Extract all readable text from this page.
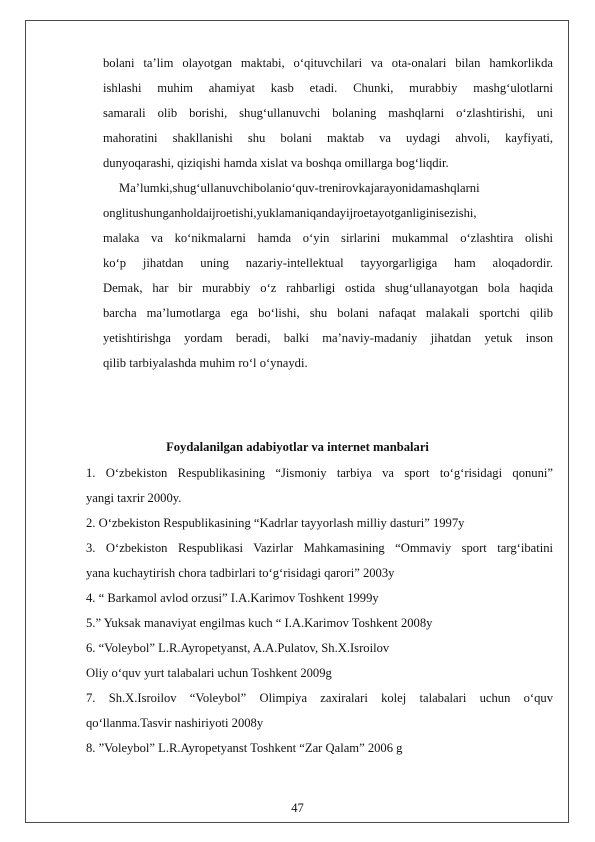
bolani ta’lim olayotgan maktabi, o‘qituvchilari va ota-onalari bilan hamkorlikda
ishlashi muhim ahamiyat kasb etadi. Chunki, murabbiy mashg‘ulotlarni
samarali olib borishi, shug‘ullanuvchi bolaning mashqlarni o‘zlashtirishi, uni
mahoratini shakllanishi shu bolani maktab va uydagi ahvoli, kayfiyati,
dunyoqarashi, qiziqishi hamda xislat va boshqa omillarga bog‘liqdir.
Ma’lumki,shug‘ullanuvchibolanio‘quv-trenirovkajarayonidamashqlarni
onglitushunganholdaijroetishi,yuklamaniqandayijroetayotganliginisezishi,
malaka va ko‘nikmalarni hamda o‘yin sirlarini mukammal o‘zlashtira olishi
ko‘p jihatdan uning nazariy-intellektual tayyorgarligiga ham aloqadordir.
Demak, har bir murabbiy o‘z rahbarligi ostida shug‘ullanayotgan bola haqida
barcha ma’lumotlarga ega bo‘lishi, shu bolani nafaqat malakali sportchi qilib
yetishtirishga yordam beradi, balki ma’naviy-madaniy jihatdan yetuk inson
qilib tarbiyalashda muhim ro‘l o‘ynaydi.
Foydalanilgan adabiyotlar va internet manbalari
1. O‘zbekiston Respublikasining “Jismoniy tarbiya va sport to‘g‘risidagi qonuni”
yangi taxrir 2000y.
2. O‘zbekiston Respublikasining “Kadrlar tayyorlash milliy dasturi” 1997y
3. O‘zbekiston Respublikasi Vazirlar Mahkamasining “Ommaviy sport targ‘ibatini
yana kuchaytirish chora tadbirlari to‘g‘risidagi qarori” 2003y
4. “ Barkamol avlod orzusi” I.A.Karimov Toshkent 1999y
5.” Yuksak manaviyat engilmas kuch “ I.A.Karimov Toshkent 2008y
6. “Voleybol” L.R.Ayropetyanst, A.A.Pulatov, Sh.X.Isroilov
Oliy o‘quv yurt talabalari uchun Toshkent 2009g
7. Sh.X.Isroilov “Voleybol” Olimpiya zaxiralari kolej talabalari uchun o‘quv
qo‘llanma.Tasvir nashiriyoti 2008y
8. ”Voleybol” L.R.Ayropetyanst Toshkent “Zar Qalam” 2006 g
47
